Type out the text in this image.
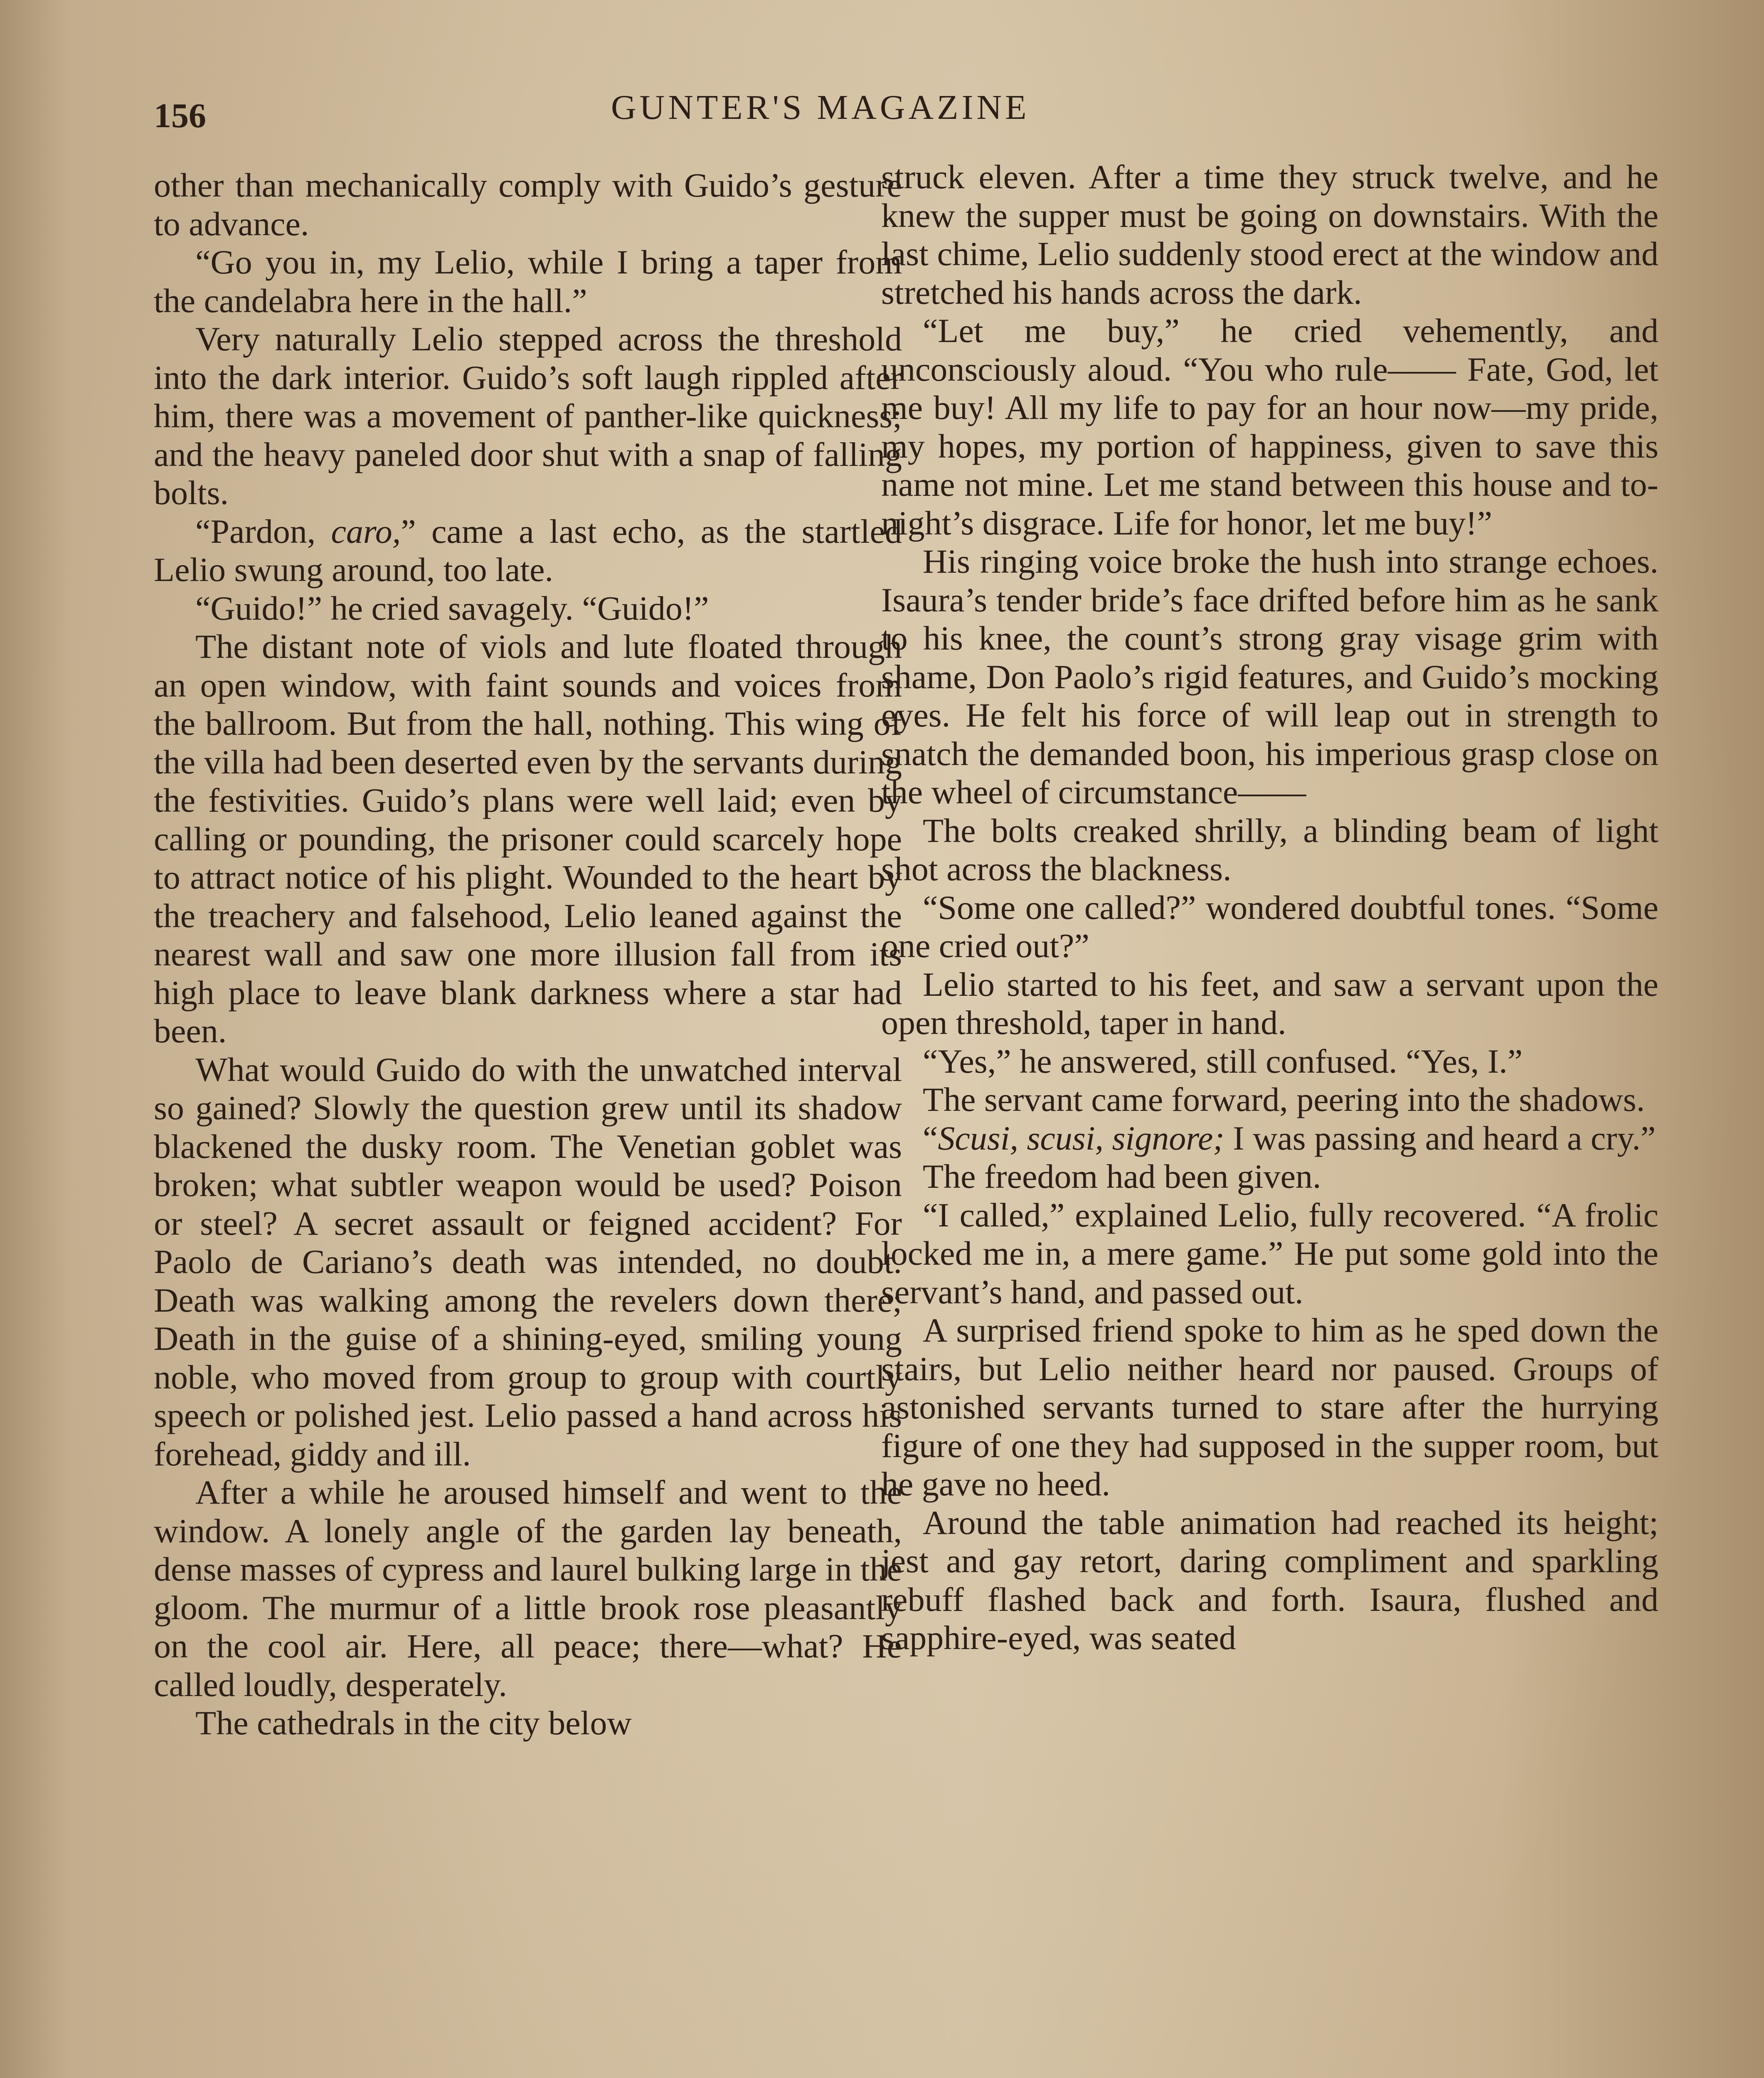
156	GUNTER'S MAGAZINE

other than mechanically comply with Guido’s gesture to advance.

“Go you in, my Lelio, while I bring a taper from the candelabra here in the hall.”

Very naturally Lelio stepped across the threshold into the dark interior. Guido’s soft laugh rippled after him, there was a movement of panther-like quickness; and the heavy paneled door shut with a snap of falling bolts.

“Pardon, caro,” came a last echo, as the startled Lelio swung around, too late.

“Guido!” he cried savagely. “Guido!”

The distant note of viols and lute floated through an open window, with faint sounds and voices from the ballroom. But from the hall, nothing. This wing of the villa had been deserted even by the servants during the festivities. Guido’s plans were well laid; even by calling or pounding, the prisoner could scarcely hope to attract notice of his plight. Wounded to the heart by the treachery and falsehood, Lelio leaned against the nearest wall and saw one more illusion fall from its high place to leave blank darkness where a star had been.

What would Guido do with the unwatched interval so gained? Slowly the question grew until its shadow blackened the dusky room. The Venetian goblet was broken; what subtler weapon would be used? Poison or steel? A secret assault or feigned accident? For Paolo de Cariano’s death was intended, no doubt. Death was walking among the revelers down there; Death in the guise of a shining-eyed, smiling young noble, who moved from group to group with courtly speech or polished jest. Lelio passed a hand across his forehead, giddy and ill.

After a while he aroused himself and went to the window. A lonely angle of the garden lay beneath, dense masses of cypress and laurel bulking large in the gloom. The murmur of a little brook rose pleasantly on the cool air. Here, all peace; there—what? He called loudly, desperately.

The cathedrals in the city below

struck eleven. After a time they struck twelve, and he knew the supper must be going on downstairs. With the last chime, Lelio suddenly stood erect at the window and stretched his hands across the dark.

“Let me buy,” he cried vehemently, and unconsciously aloud. “You who rule—— Fate, God, let me buy! All my life to pay for an hour now—my pride, my hopes, my portion of happiness, given to save this name not mine. Let me stand between this house and to-night’s disgrace. Life for honor, let me buy!”

His ringing voice broke the hush into strange echoes. Isaura’s tender bride’s face drifted before him as he sank to his knee, the count’s strong gray visage grim with shame, Don Paolo’s rigid features, and Guido’s mocking eyes. He felt his force of will leap out in strength to snatch the demanded boon, his imperious grasp close on the wheel of circumstance——

The bolts creaked shrilly, a blinding beam of light shot across the blackness.

“Some one called?” wondered doubtful tones. “Some one cried out?”

Lelio started to his feet, and saw a servant upon the open threshold, taper in hand.

“Yes,” he answered, still confused. “Yes, I.”

The servant came forward, peering into the shadows.

“Scusi, scusi, signore; I was passing and heard a cry.”

The freedom had been given.

“I called,” explained Lelio, fully recovered. “A frolic locked me in, a mere game.” He put some gold into the servant’s hand, and passed out.

A surprised friend spoke to him as he sped down the stairs, but Lelio neither heard nor paused. Groups of astonished servants turned to stare after the hurrying figure of one they had supposed in the supper room, but he gave no heed.

Around the table animation had reached its height; jest and gay retort, daring compliment and sparkling rebuff flashed back and forth. Isaura, flushed and sapphire-eyed, was seated
